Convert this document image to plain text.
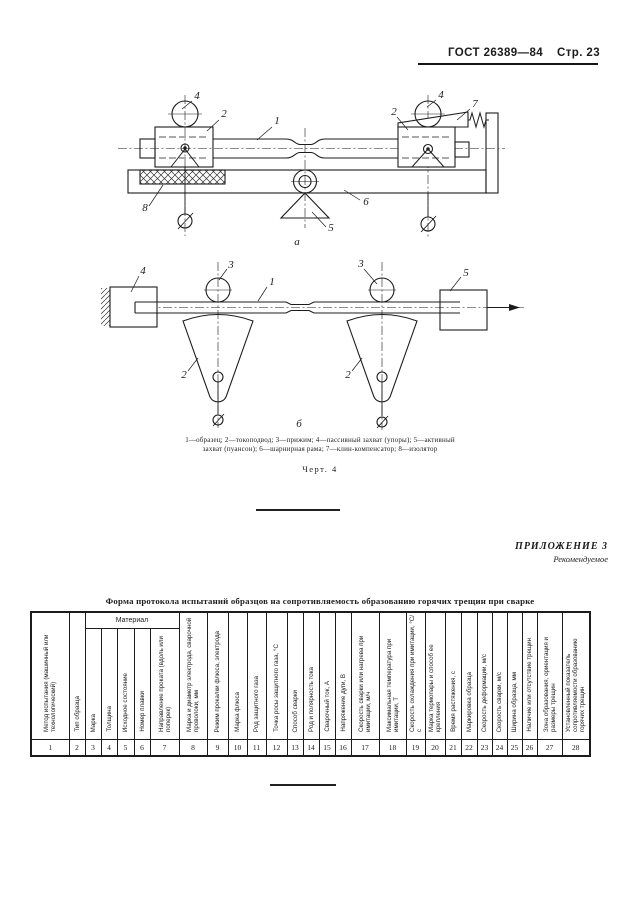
ГОСТ 26389—84 Стр. 23
4
2
1
4
2
7
8	6
5
а
4	3
1
3
5
2	2
б
1—образец; 2—токоподвод; 3—прижим; 4—пассивный захват (упоры); 5—активный
захват (пуансон); 6—шарнирная рама; 7—клин-компенсатор; 8—изолятор
Черт. 4
ПРИЛОЖЕНИЕ 3
Рекомендуемое
Форма протокола испытаний образцов на сопротивляемость образованию горячих трещин при сварке
Метод испытания (машинный или технологический)	Тип образца	Материал					Марка и диаметр электрода, сварочной проволоки, мм	Режим прокалки флюса, электрода	Марка флюса	Род защитного газа	Точка росы защитного газа, °С	Способ сварки	Род и полярность тока	Сварочный ток, А	Напряжение дуги, В	Скорость сварки или нагрева при имитации, м/ч	Максимальная температура при имитации, Т	Скорость охлаждения при имитации, °С/с	Марка термопары и способ ее крепления	Время растяжения, с	Маркировка образца	Скорость деформации, м/с	Скорость сварки, м/с	Ширина образца, мм	Наличие или отсутствие трещин	Зона образования, ориентация и размеры трещин	Установленный показатель сопротивляемости образованию горячих трещин
		Марка	Толщина	Исходное состояние	Номер плавки	Направление проката (вдоль или поперек)																					
1	2	3	4	5	6	7	8	9	10	11	12	13	14	15	16	17	18	19	20	21	22	23	24	25	26	27	28
